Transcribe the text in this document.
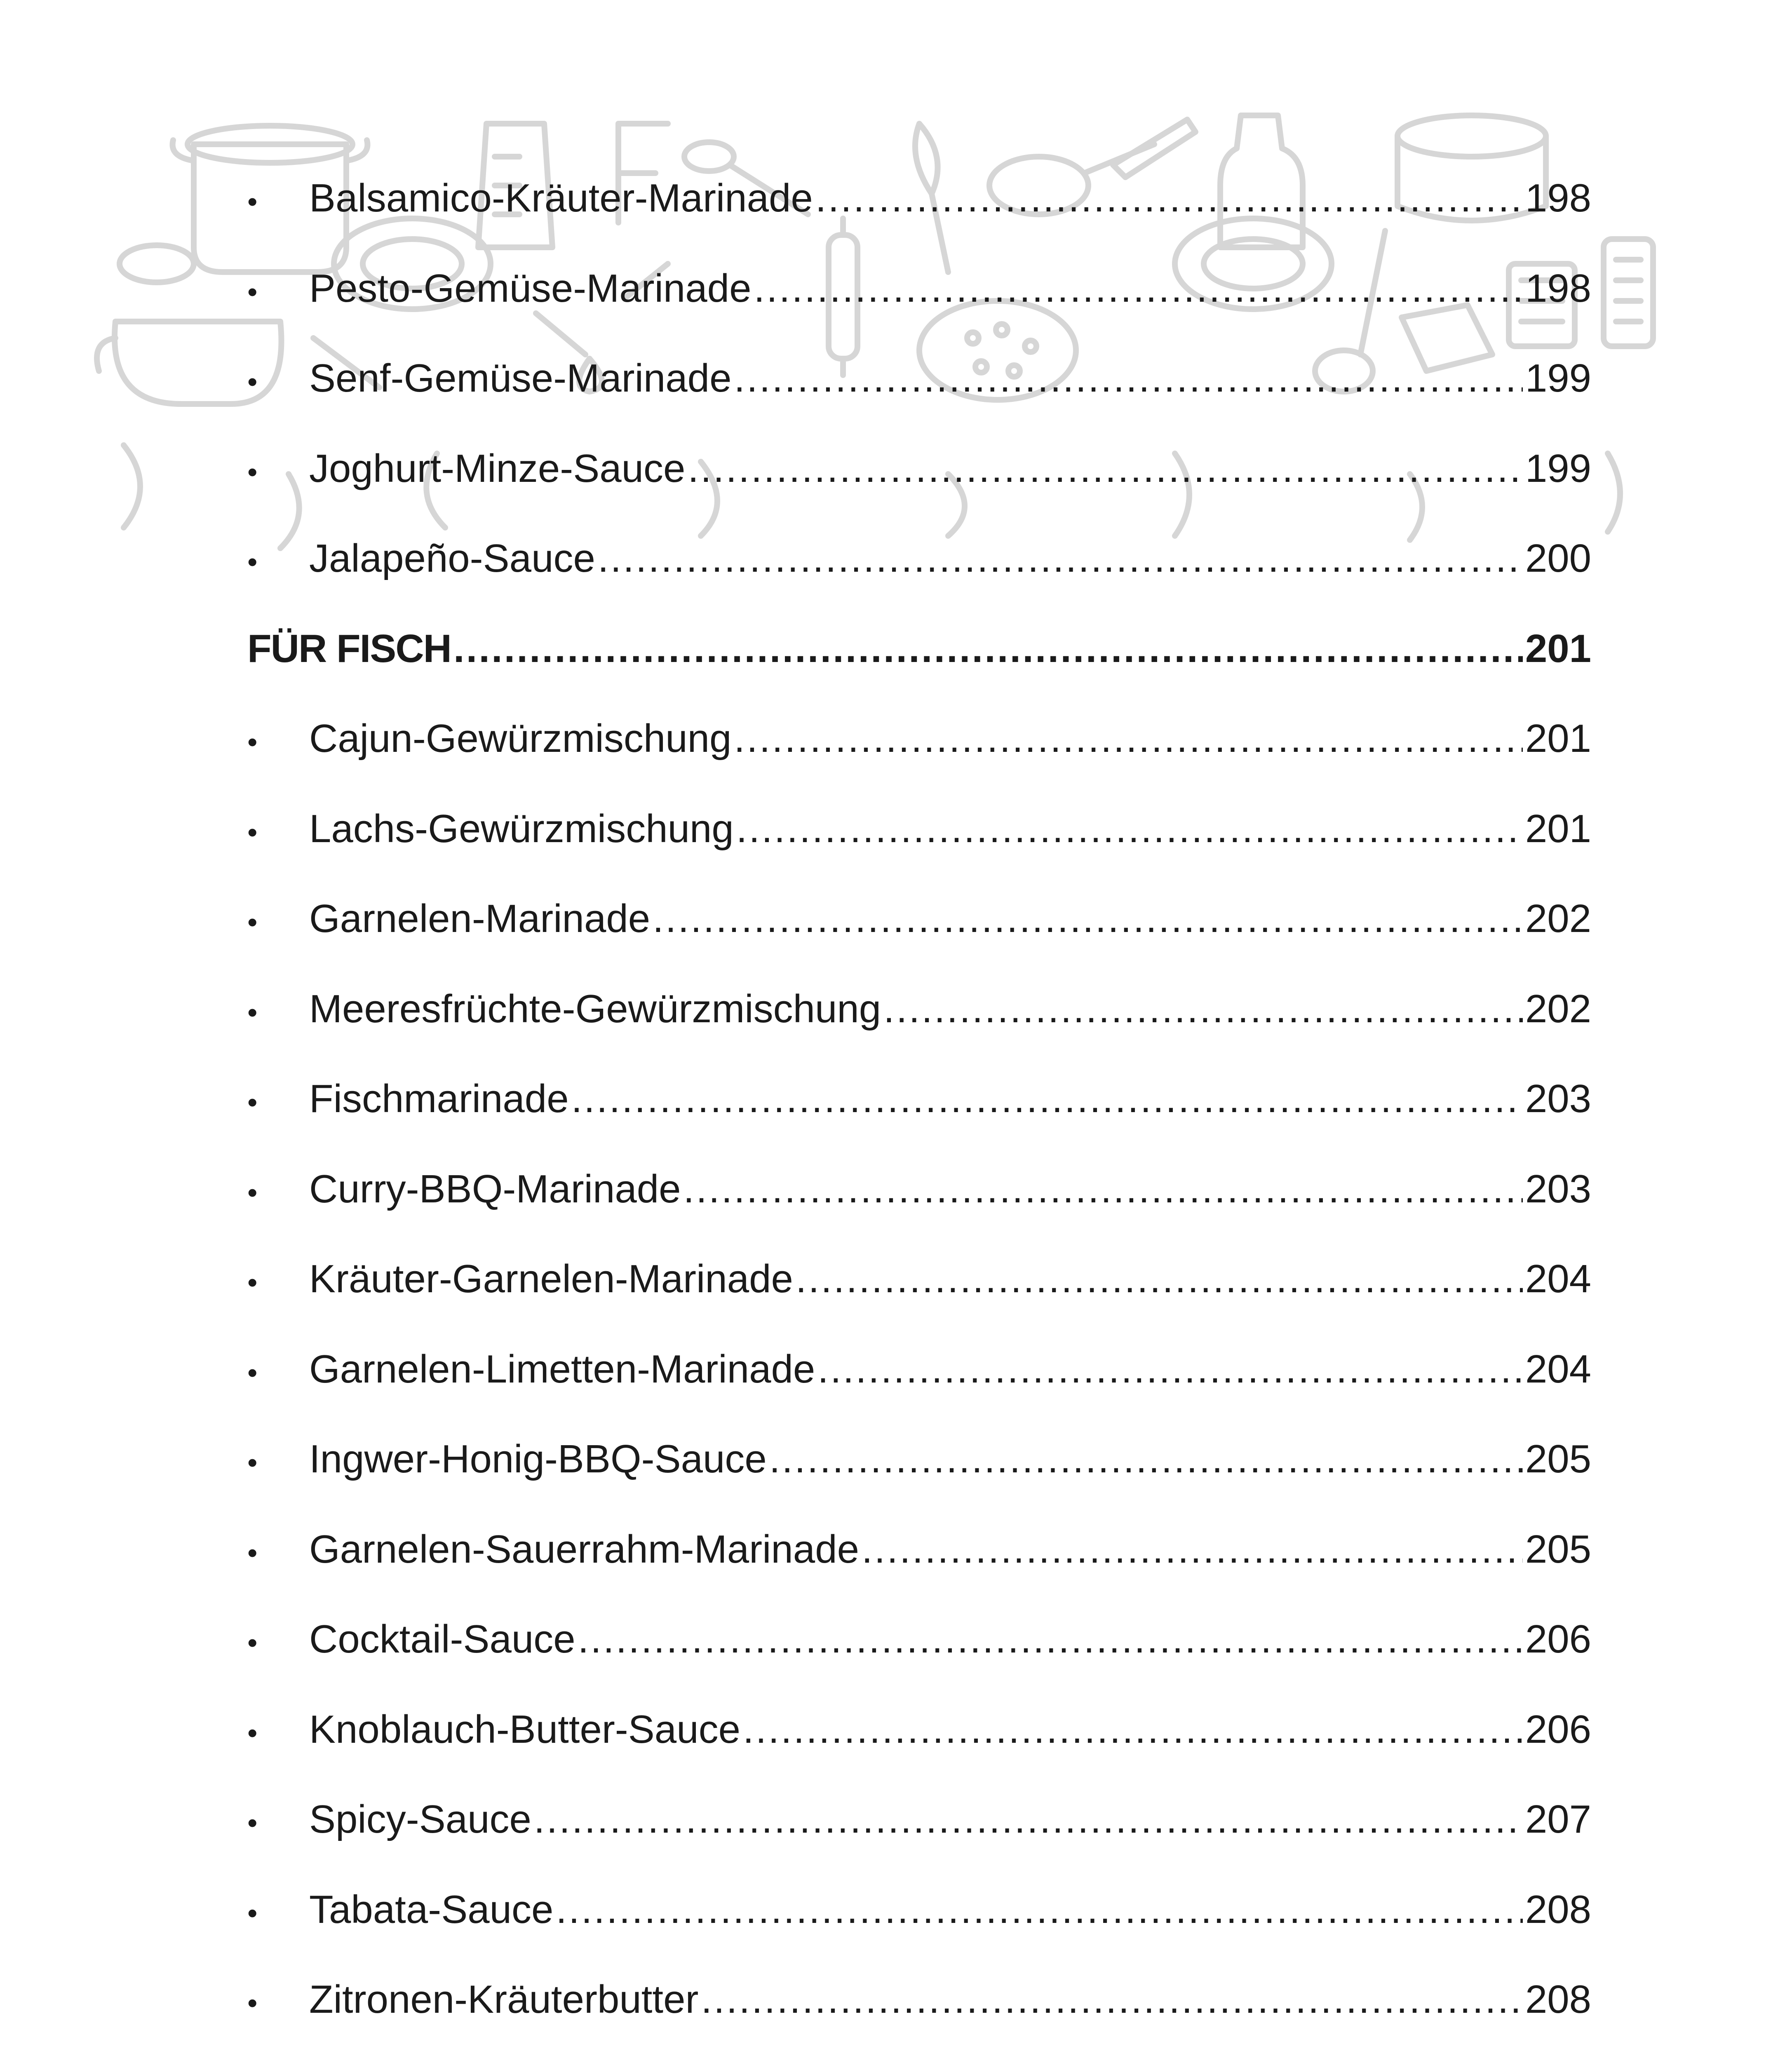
•	Balsamico-Kräuter-Marinade .....	198
•	Pesto-Gemüse-Marinade .....	198
•	Senf-Gemüse-Marinade .....	199
•	Joghurt-Minze-Sauce .....	199
•	Jalapeño-Sauce .....	200
FÜR FISCH .....	201
•	Cajun-Gewürzmischung .....	201
•	Lachs-Gewürzmischung .....	201
•	Garnelen-Marinade .....	202
•	Meeresfrüchte-Gewürzmischung .....	202
•	Fischmarinade .....	203
•	Curry-BBQ-Marinade .....	203
•	Kräuter-Garnelen-Marinade .....	204
•	Garnelen-Limetten-Marinade .....	204
•	Ingwer-Honig-BBQ-Sauce .....	205
•	Garnelen-Sauerrahm-Marinade .....	205
•	Cocktail-Sauce .....	206
•	Knoblauch-Butter-Sauce .....	206
•	Spicy-Sauce .....	207
•	Tabata-Sauce .....	208
•	Zitronen-Kräuterbutter .....	208
.....
